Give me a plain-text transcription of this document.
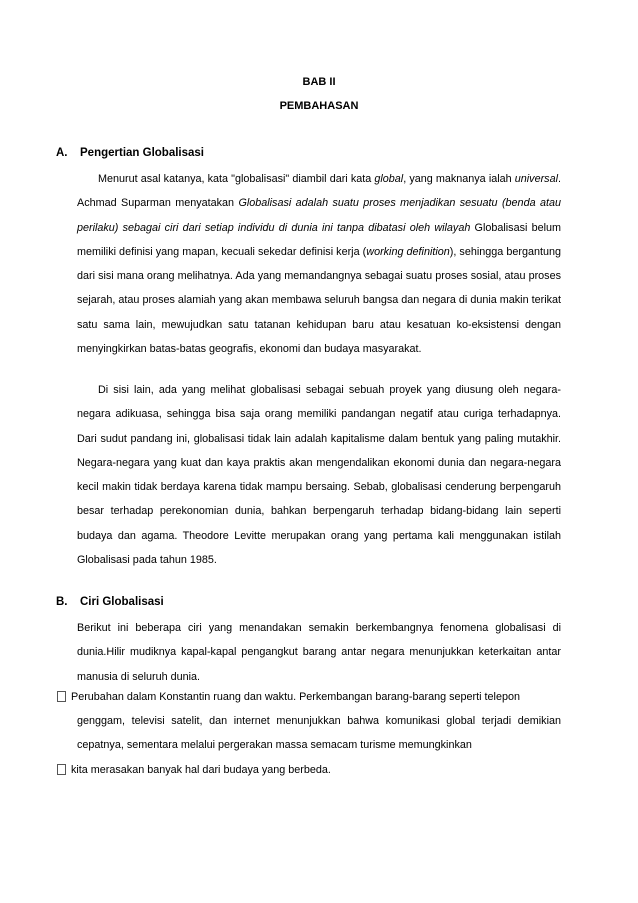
BAB II
PEMBAHASAN
A. Pengertian Globalisasi
Menurut asal katanya, kata "globalisasi" diambil dari kata global, yang maknanya ialah universal. Achmad Suparman menyatakan Globalisasi adalah suatu proses menjadikan sesuatu (benda atau perilaku) sebagai ciri dari setiap individu di dunia ini tanpa dibatasi oleh wilayah Globalisasi belum memiliki definisi yang mapan, kecuali sekedar definisi kerja (working definition), sehingga bergantung dari sisi mana orang melihatnya. Ada yang memandangnya sebagai suatu proses sosial, atau proses sejarah, atau proses alamiah yang akan membawa seluruh bangsa dan negara di dunia makin terikat satu sama lain, mewujudkan satu tatanan kehidupan baru atau kesatuan ko-eksistensi dengan menyingkirkan batas-batas geografis, ekonomi dan budaya masyarakat.
Di sisi lain, ada yang melihat globalisasi sebagai sebuah proyek yang diusung oleh negara-negara adikuasa, sehingga bisa saja orang memiliki pandangan negatif atau curiga terhadapnya. Dari sudut pandang ini, globalisasi tidak lain adalah kapitalisme dalam bentuk yang paling mutakhir. Negara-negara yang kuat dan kaya praktis akan mengendalikan ekonomi dunia dan negara-negara kecil makin tidak berdaya karena tidak mampu bersaing. Sebab, globalisasi cenderung berpengaruh besar terhadap perekonomian dunia, bahkan berpengaruh terhadap bidang-bidang lain seperti budaya dan agama. Theodore Levitte merupakan orang yang pertama kali menggunakan istilah Globalisasi pada tahun 1985.
B. Ciri Globalisasi
Berikut ini beberapa ciri yang menandakan semakin berkembangnya fenomena globalisasi di dunia.Hilir mudiknya kapal-kapal pengangkut barang antar negara menunjukkan keterkaitan antar manusia di seluruh dunia.
Perubahan dalam Konstantin ruang dan waktu. Perkembangan barang-barang seperti telepon
genggam, televisi satelit, dan internet menunjukkan bahwa komunikasi global terjadi demikian cepatnya, sementara melalui pergerakan massa semacam turisme memungkinkan
kita merasakan banyak hal dari budaya yang berbeda.
